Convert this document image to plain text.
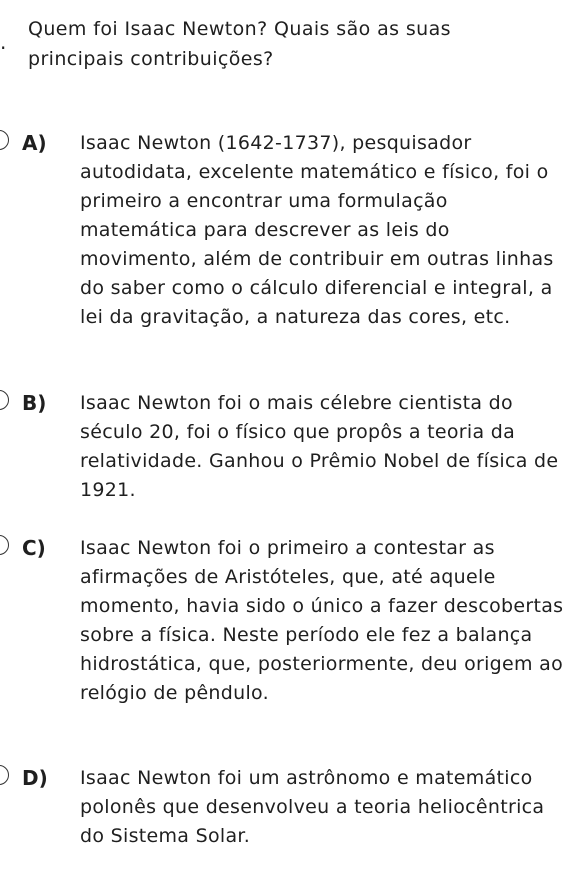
.
Quem foi Isaac Newton? Quais são as suas principais contribuições?
A) Isaac Newton (1642-1737), pesquisador autodidata, excelente matemático e físico, foi o primeiro a encontrar uma formulação matemática para descrever as leis do movimento, além de contribuir em outras linhas do saber como o cálculo diferencial e integral, a lei da gravitação, a natureza das cores, etc.
B) Isaac Newton foi o mais célebre cientista do século 20, foi o físico que propôs a teoria da relatividade. Ganhou o Prêmio Nobel de física de 1921.
C) Isaac Newton foi o primeiro a contestar as afirmações de Aristóteles, que, até aquele momento, havia sido o único a fazer descobertas sobre a física. Neste período ele fez a balança hidrostática, que, posteriormente, deu origem ao relógio de pêndulo.
D) Isaac Newton foi um astrônomo e matemático polonês que desenvolveu a teoria heliocêntrica do Sistema Solar.
